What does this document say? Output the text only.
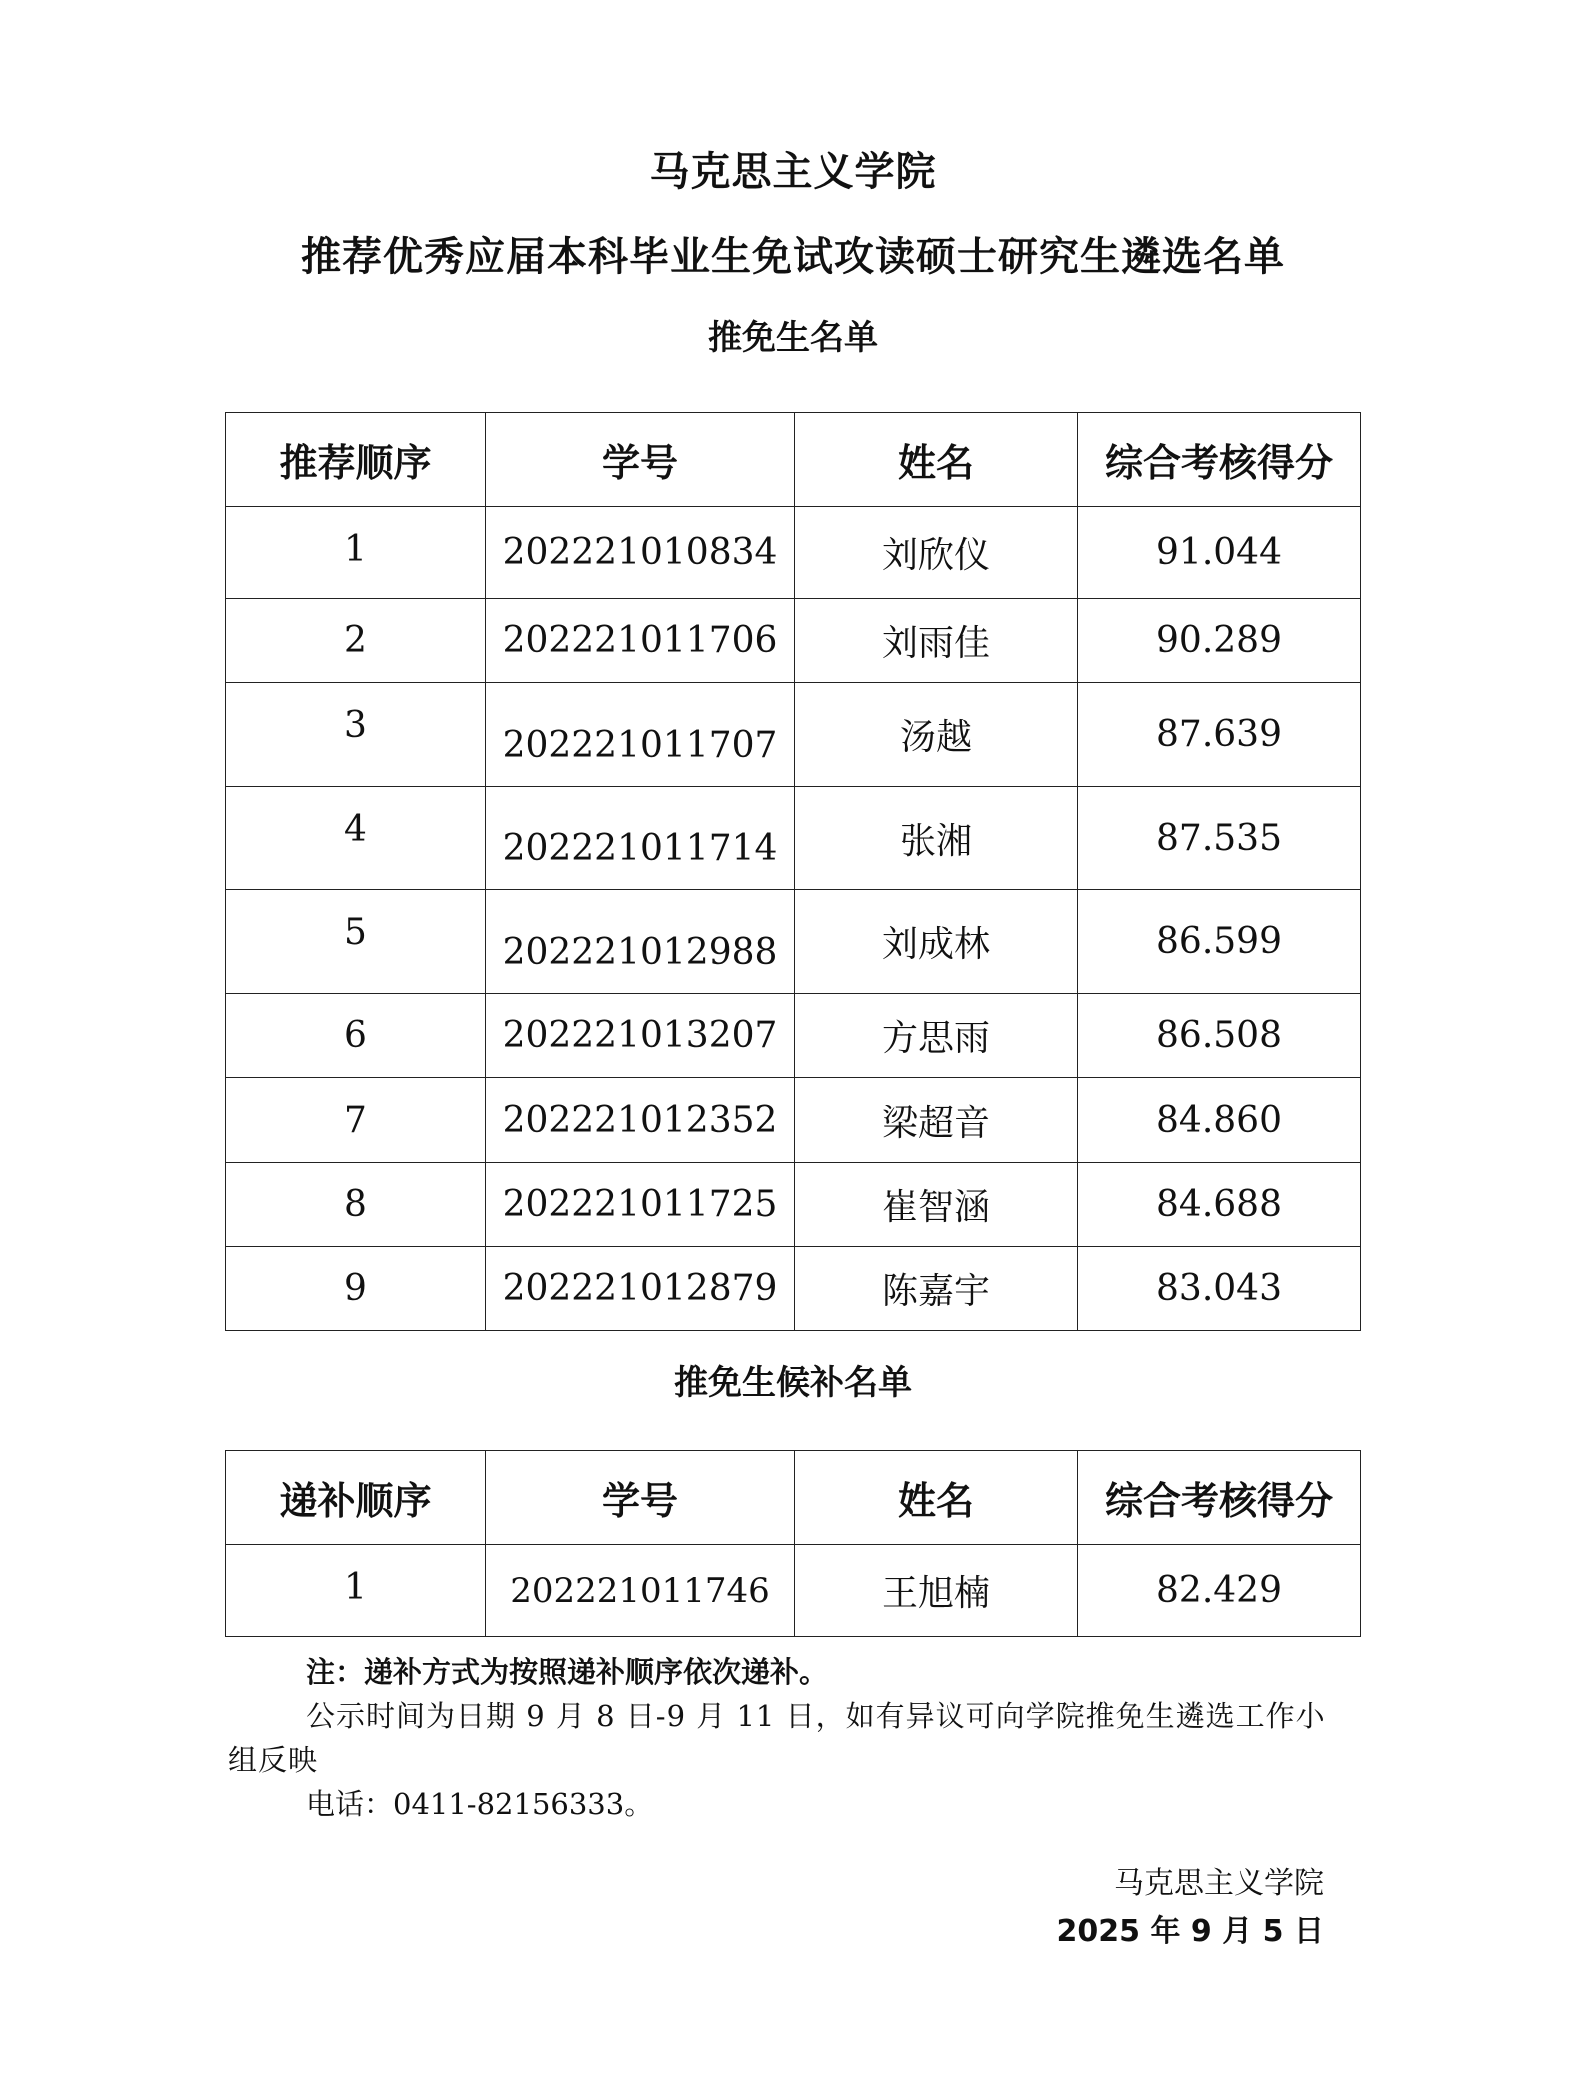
马克思主义学院
推荐优秀应届本科毕业生免试攻读硕士研究生遴选名单
推免生名单
推荐顺序	学号	姓名	综合考核得分
1	202221010834	刘欣仪	91.044
2	202221011706	刘雨佳	90.289
3	202221011707	汤越	87.639
4	202221011714	张湘	87.535
5	202221012988	刘成林	86.599
6	202221013207	方思雨	86.508
7	202221012352	梁超音	84.860
8	202221011725	崔智涵	84.688
9	202221012879	陈嘉宇	83.043
推免生候补名单
递补顺序	学号	姓名	综合考核得分
1	202221011746	王旭楠	82.429
注：递补方式为按照递补顺序依次递补。
公示时间为日期 9 月 8 日-9 月 11 日，如有异议可向学院推免生遴选工作小组反映
电话：0411-82156333。
马克思主义学院
2025 年 9 月 5 日
